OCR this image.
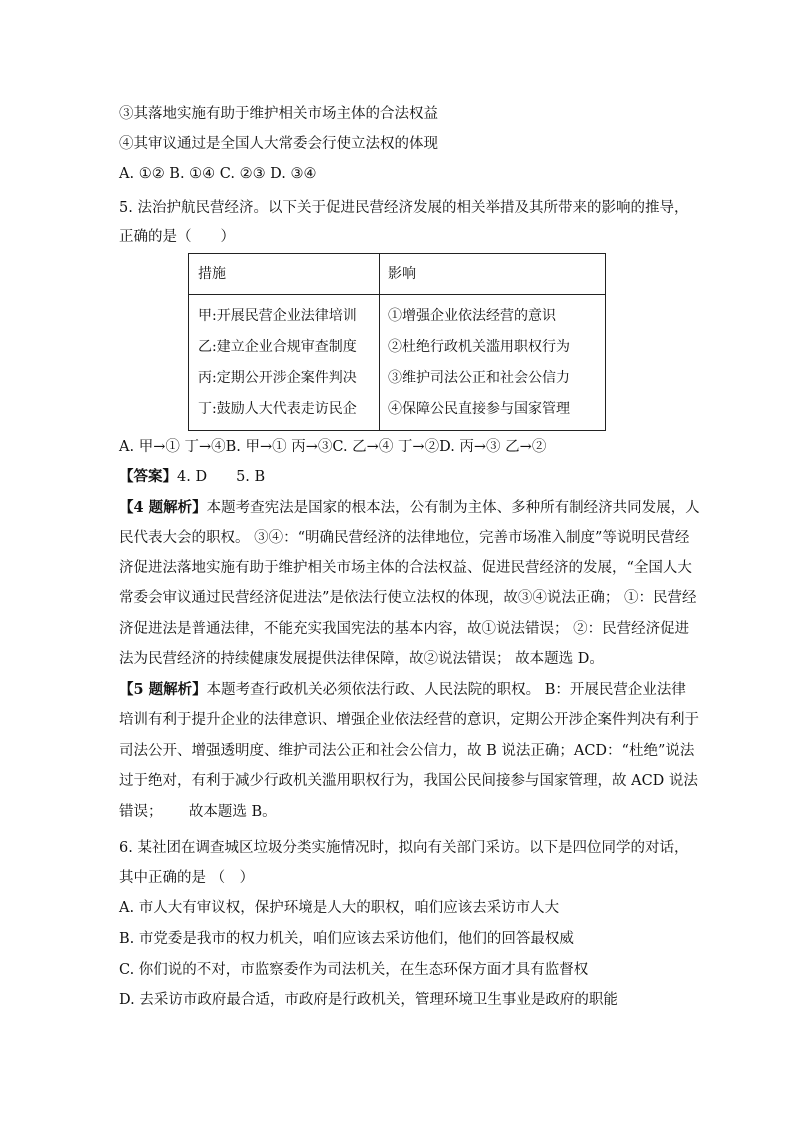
③其落地实施有助于维护相关市场主体的合法权益
④其审议通过是全国人大常委会行使立法权的体现
A. ①② B. ①④ C. ②③ D. ③④
5. 法治护航民营经济。以下关于促进民营经济发展的相关举措及其所带来的影响的推导，
正确的是（　　）
措施	影响
甲:开展民营企业法律培训
乙:建立企业合规审查制度
丙:定期公开涉企案件判决
丁:鼓励人大代表走访民企
①增强企业依法经营的意识
②杜绝行政机关滥用职权行为
③维护司法公正和社会公信力
④保障公民直接参与国家管理
A. 甲→① 丁→④B. 甲→① 丙→③C. 乙→④ 丁→②D. 丙→③ 乙→②
【答案】4. D　　5. B
【4 题解析】本题考查宪法是国家的根本法，公有制为主体、多种所有制经济共同发展，人
民代表大会的职权。 ③④：“明确民营经济的法律地位，完善市场准入制度”等说明民营经
济促进法落地实施有助于维护相关市场主体的合法权益、促进民营经济的发展，“全国人大
常委会审议通过民营经济促进法”是依法行使立法权的体现，故③④说法正确； ①：民营经
济促进法是普通法律，不能充实我国宪法的基本内容，故①说法错误； ②：民营经济促进
法为民营经济的持续健康发展提供法律保障，故②说法错误； 故本题选 D。
【5 题解析】本题考查行政机关必须依法行政、人民法院的职权。 B：开展民营企业法律
培训有利于提升企业的法律意识、增强企业依法经营的意识，定期公开涉企案件判决有利于
司法公开、增强透明度、维护司法公正和社会公信力，故 B 说法正确；ACD：“杜绝”说法
过于绝对，有利于减少行政机关滥用职权行为，我国公民间接参与国家管理，故 ACD 说法
错误；　　 故本题选 B。
6. 某社团在调查城区垃圾分类实施情况时，拟向有关部门采访。以下是四位同学的对话，
其中正确的是 （　）
A. 市人大有审议权，保护环境是人大的职权，咱们应该去采访市人大
B. 市党委是我市的权力机关，咱们应该去采访他们，他们的回答最权威
C. 你们说的不对，市监察委作为司法机关，在生态环保方面才具有监督权
D. 去采访市政府最合适，市政府是行政机关，管理环境卫生事业是政府的职能
